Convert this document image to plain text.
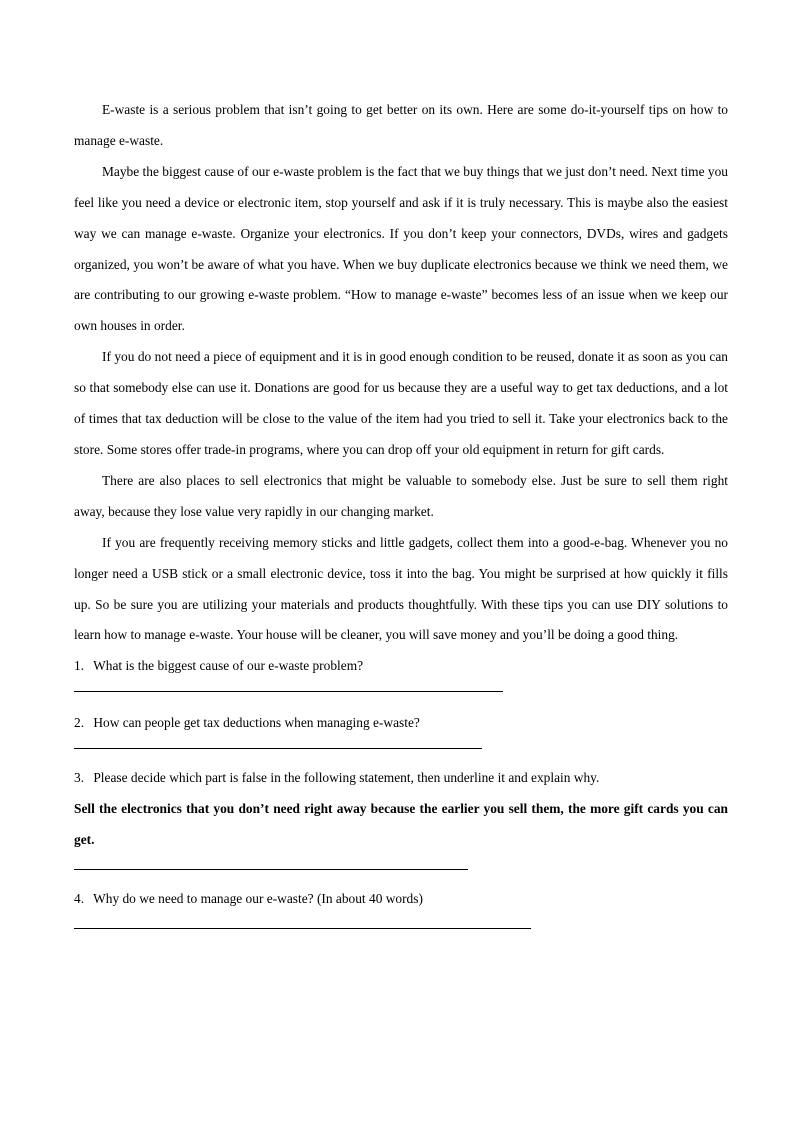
E-waste is a serious problem that isn’t going to get better on its own. Here are some do-it-yourself tips on how to manage e-waste.

Maybe the biggest cause of our e-waste problem is the fact that we buy things that we just don’t need. Next time you feel like you need a device or electronic item, stop yourself and ask if it is truly necessary. This is maybe also the easiest way we can manage e-waste. Organize your electronics. If you don’t keep your connectors, DVDs, wires and gadgets organized, you won’t be aware of what you have. When we buy duplicate electronics because we think we need them, we are contributing to our growing e-waste problem. “How to manage e-waste” becomes less of an issue when we keep our own houses in order.

If you do not need a piece of equipment and it is in good enough condition to be reused, donate it as soon as you can so that somebody else can use it. Donations are good for us because they are a useful way to get tax deductions, and a lot of times that tax deduction will be close to the value of the item had you tried to sell it. Take your electronics back to the store. Some stores offer trade-in programs, where you can drop off your old equipment in return for gift cards.

There are also places to sell electronics that might be valuable to somebody else. Just be sure to sell them right away, because they lose value very rapidly in our changing market.

If you are frequently receiving memory sticks and little gadgets, collect them into a good-e-bag. Whenever you no longer need a USB stick or a small electronic device, toss it into the bag. You might be surprised at how quickly it fills up. So be sure you are utilizing your materials and products thoughtfully. With these tips you can use DIY solutions to learn how to manage e-waste. Your house will be cleaner, you will save money and you’ll be doing a good thing.

1. What is the biggest cause of our e-waste problem?

2. How can people get tax deductions when managing e-waste?

3. Please decide which part is false in the following statement, then underline it and explain why.

Sell the electronics that you don’t need right away because the earlier you sell them, the more gift cards you can get.

4. Why do we need to manage our e-waste? (In about 40 words)
